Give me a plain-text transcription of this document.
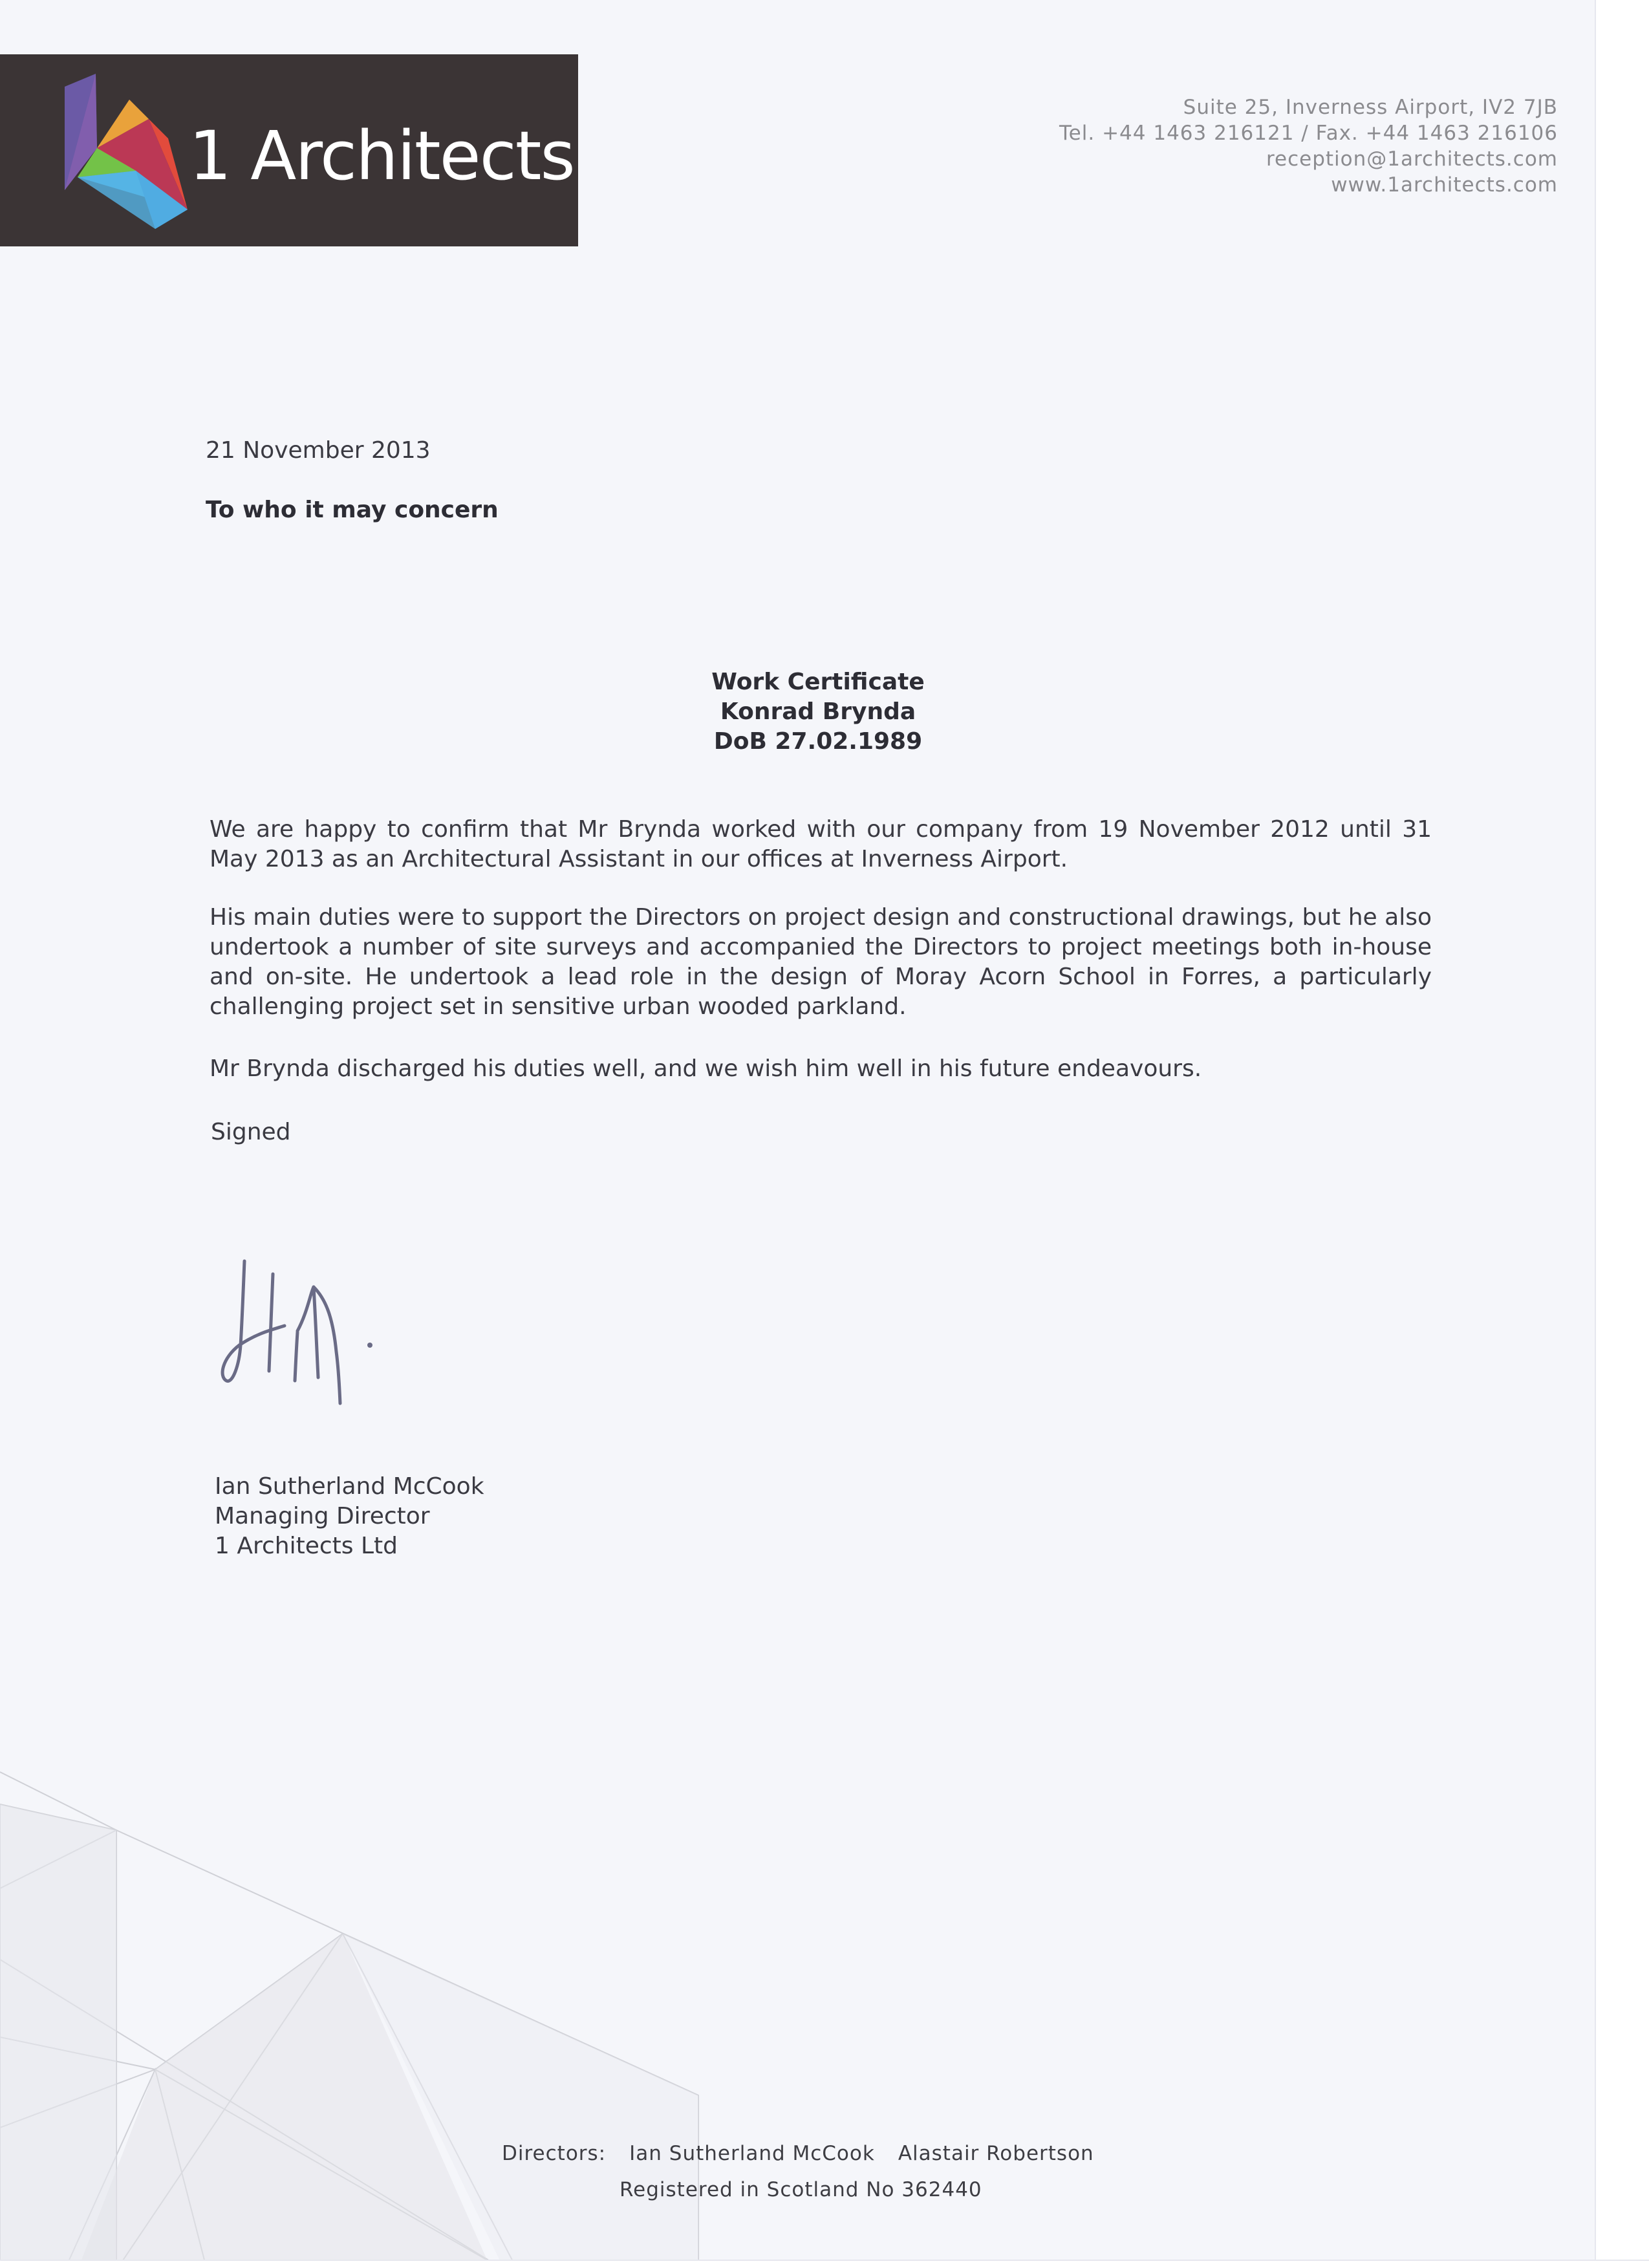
1 Architects
Suite 25, Inverness Airport, IV2 7JB
Tel. +44 1463 216121 / Fax. +44 1463 216106
reception@1architects.com
www.1architects.com
21 November 2013
To who it may concern
Work Certificate
Konrad Brynda
DoB 27.02.1989
We are happy to confirm that Mr Brynda worked with our company from 19 November 2012 until 31 May 2013 as an Architectural Assistant in our offices at Inverness Airport.
His main duties were to support the Directors on project design and constructional drawings, but he also undertook a number of site surveys and accompanied the Directors to project meetings both in-house and on-site. He undertook a lead role in the design of Moray Acorn School in Forres, a particularly challenging project set in sensitive urban wooded parkland.
Mr Brynda discharged his duties well, and we wish him well in his future endeavours.
Signed
Ian Sutherland McCook
Managing Director
1 Architects Ltd
Directors: Ian Sutherland McCook Alastair Robertson
Registered in Scotland No 362440
